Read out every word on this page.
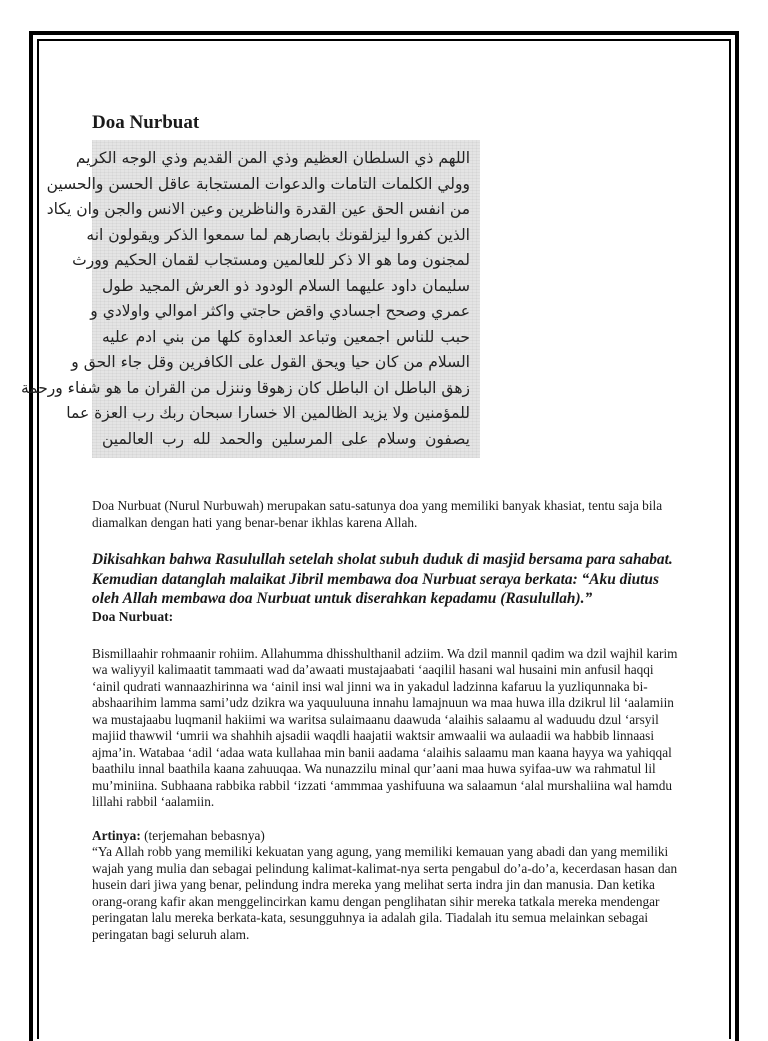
Doa Nurbuat
اللهم ذي السلطان العظيم وذي المن القديم وذي الوجه الكريم
وولي الكلمات التامات والدعوات المستجابة عاقل الحسن والحسين
من انفس الحق عين القدرة والناظرين وعين الانس والجن وان يكاد
الذين كفروا ليزلقونك بابصارهم لما سمعوا الذكر ويقولون انه
لمجنون وما هو الا ذكر للعالمين ومستجاب لقمان الحكيم وورث
سليمان داود عليهما السلام الودود ذو العرش المجيد طول
عمري وصحح اجسادي واقض حاجتي واكثر اموالي واولادي و
حبب للناس اجمعين وتباعد العداوة كلها من بني ادم عليه
السلام من كان حيا ويحق القول على الكافرين وقل جاء الحق و
زهق الباطل ان الباطل كان زهوقا وننزل من القران ما هو شفاء ورحمة
للمؤمنين ولا يزيد الظالمين الا خسارا سبحان ربك رب العزة عما
يصفون وسلام على المرسلين والحمد لله رب العالمين

Doa Nurbuat (Nurul Nurbuwah) merupakan satu-satunya doa yang memiliki banyak khasiat, tentu saja bila diamalkan dengan hati yang benar-benar ikhlas karena Allah.

Dikisahkan bahwa Rasulullah setelah sholat subuh duduk di masjid bersama para sahabat. Kemudian datanglah malaikat Jibril membawa doa Nurbuat seraya berkata: “Aku diutus oleh Allah membawa doa Nurbuat untuk diserahkan kepadamu (Rasulullah).”

Doa Nurbuat:

Bismillaahir rohmaanir rohiim. Allahumma dhisshulthanil adziim. Wa dzil mannil qadim wa dzil wajhil karim wa waliyyil kalimaatit tammaati wad da’awaati mustajaabati ‘aaqilil hasani wal husaini min anfusil haqqi ‘ainil qudrati wannaazhirinna wa ‘ainil insi wal jinni wa in yakadul ladzinna kafaruu la yuzliqunnaka bi-abshaarihim lamma sami’udz dzikra wa yaquuluuna innahu lamajnuun wa maa huwa illa dzikrul lil ‘aalamiin wa mustajaabu luqmanil hakiimi wa waritsa sulaimaanu daawuda ‘alaihis salaamu al waduudu dzul ‘arsyil majiid thawwil ‘umrii wa shahhih ajsadii waqdli haajatii waktsir amwaalii wa aulaadii wa habbib linnaasi ajma’in. Watabaa ‘adil ‘adaa wata kullahaa min banii aadama ‘alaihis salaamu man kaana hayya wa yahiqqal baathilu innal baathila kaana zahuuqaa. Wa nunazzilu minal qur’aani maa huwa syifaa-uw wa rahmatul lil mu’miniina. Subhaana rabbika rabbil ‘izzati ‘ammmaa yashifuuna wa salaamun ‘alal murshaliina wal hamdu lillahi rabbil ‘aalamiin.

Artinya: (terjemahan bebasnya)

“Ya Allah robb yang memiliki kekuatan yang agung, yang memiliki kemauan yang abadi dan yang memiliki wajah yang mulia dan sebagai pelindung kalimat-kalimat-nya serta pengabul do’a-do’a, kecerdasan hasan dan husein dari jiwa yang benar, pelindung indra mereka yang melihat serta indra jin dan manusia. Dan ketika orang-orang kafir akan menggelincirkan kamu dengan penglihatan sihir mereka tatkala mereka mendengar peringatan lalu mereka berkata-kata, sesungguhnya ia adalah gila. Tiadalah itu semua melainkan sebagai peringatan bagi seluruh alam.
